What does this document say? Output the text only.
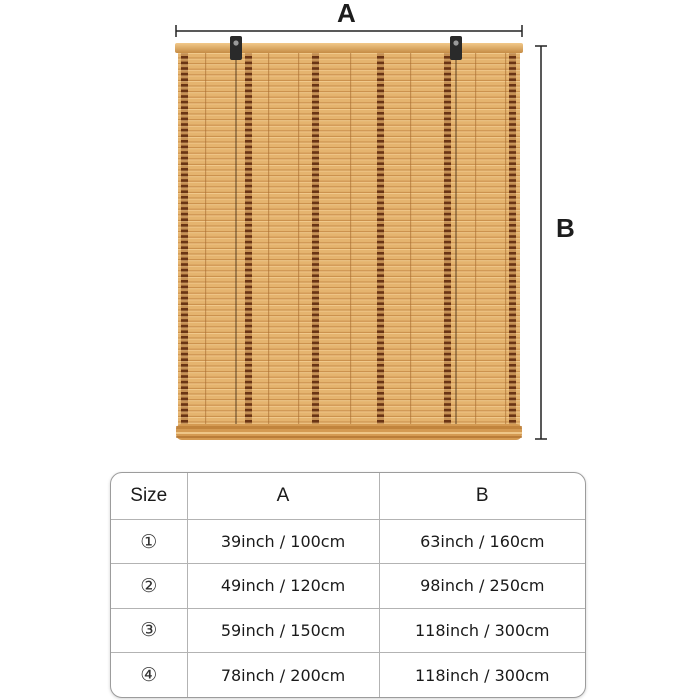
A
B
Size	A	B
①	39inch / 100cm	63inch / 160cm
②	49inch / 120cm	98inch / 250cm
③	59inch / 150cm	118inch / 300cm
④	78inch / 200cm	118inch / 300cm
